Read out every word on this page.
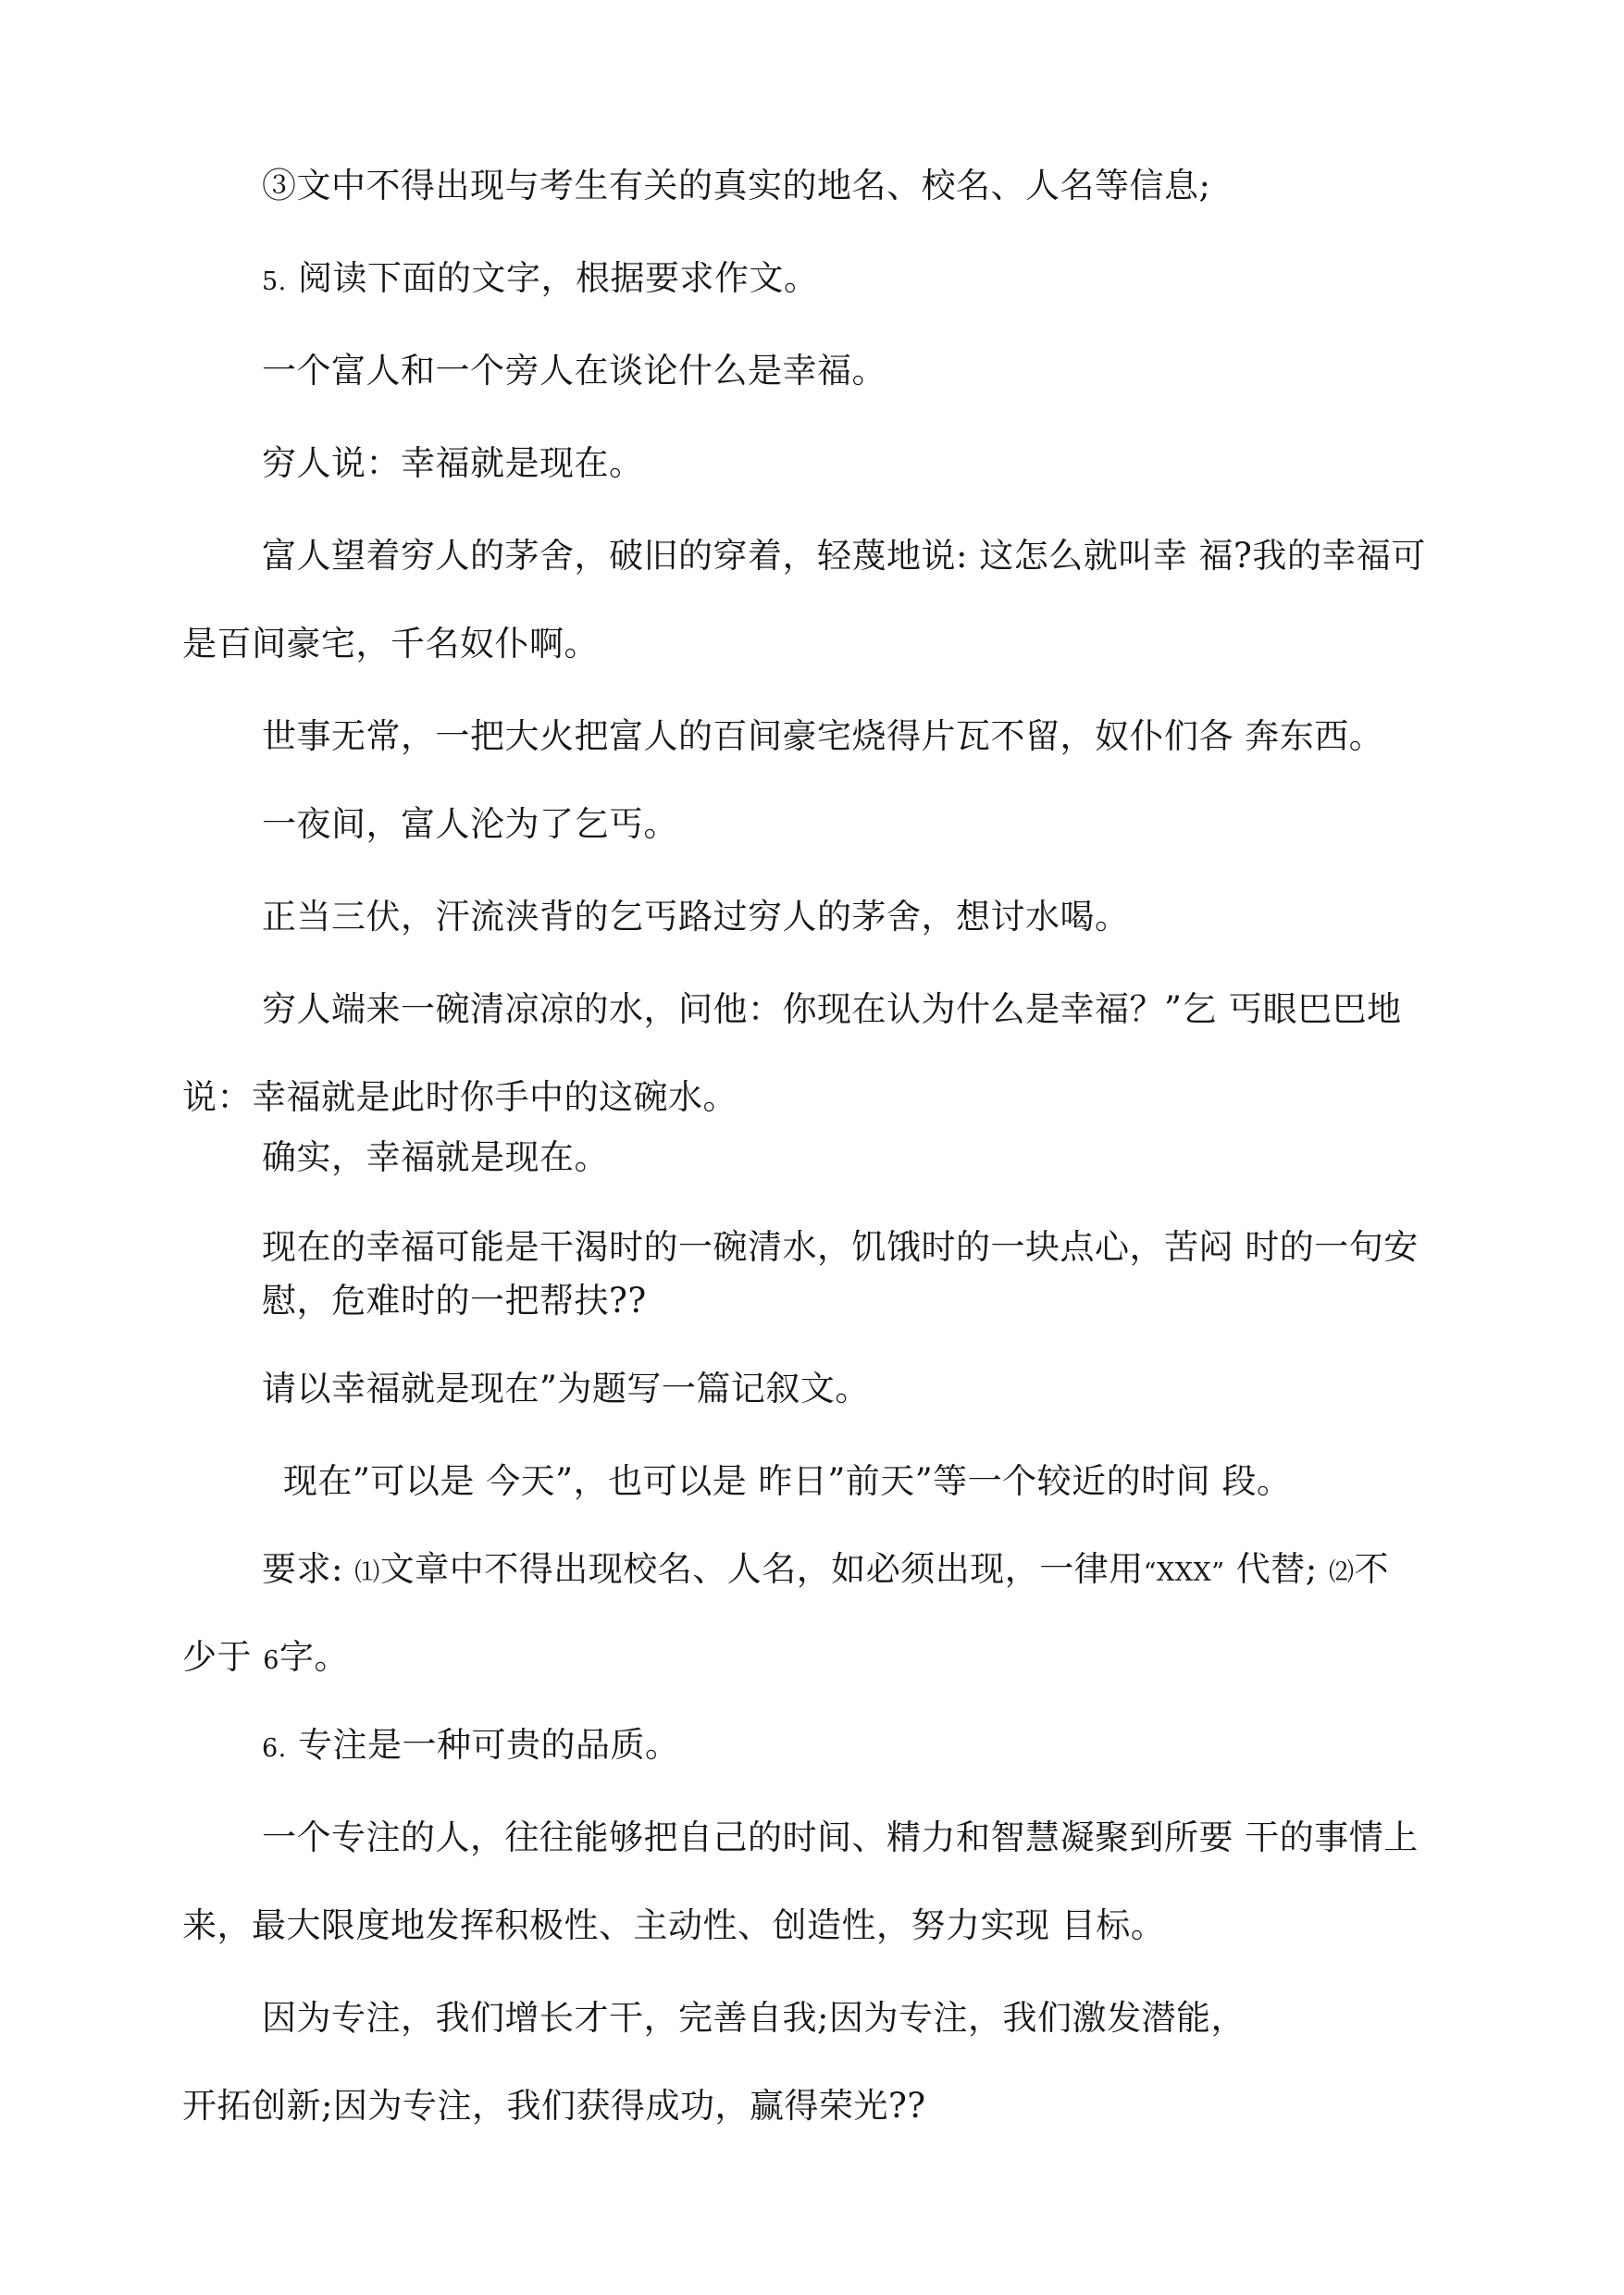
③文中不得出现与考生有关的真实的地名、校名、人名等信息;

5. 阅读下面的文字，根据要求作文。

一个富人和一个旁人在谈论什么是幸福。

穷人说：幸福就是现在。

富人望着穷人的茅舍，破旧的穿着，轻蔑地说: 这怎么就叫幸 福?我的幸福可

是百间豪宅，千名奴仆啊。

世事无常，一把大火把富人的百间豪宅烧得片瓦不留，奴仆们各 奔东西。

一夜间，富人沦为了乞丐。

正当三伏，汗流浃背的乞丐路过穷人的茅舍，想讨水喝。

穷人端来一碗清凉凉的水，问他：你现在认为什么是幸福？”乞 丐眼巴巴地

说：幸福就是此时你手中的这碗水。

确实，幸福就是现在。

现在的幸福可能是干渴时的一碗清水，饥饿时的一块点心，苦闷 时的一句安

慰，危难时的一把帮扶??

请以幸福就是现在”为题写一篇记叙文。

现在”可以是 今天”，也可以是 昨日”前天”等一个较近的时间 段。

要求: ⑴文章中不得出现校名、人名，如必须出现，一律用“XXX” 代替; ⑵不

少于 6字。

6. 专注是一种可贵的品质。

一个专注的人，往往能够把自己的时间、精力和智慧凝聚到所要 干的事情上

来，最大限度地发挥积极性、主动性、创造性，努力实现 目标。

因为专注，我们增长才干，完善自我;因为专注，我们激发潜能，

开拓创新;因为专注，我们获得成功，赢得荣光??
